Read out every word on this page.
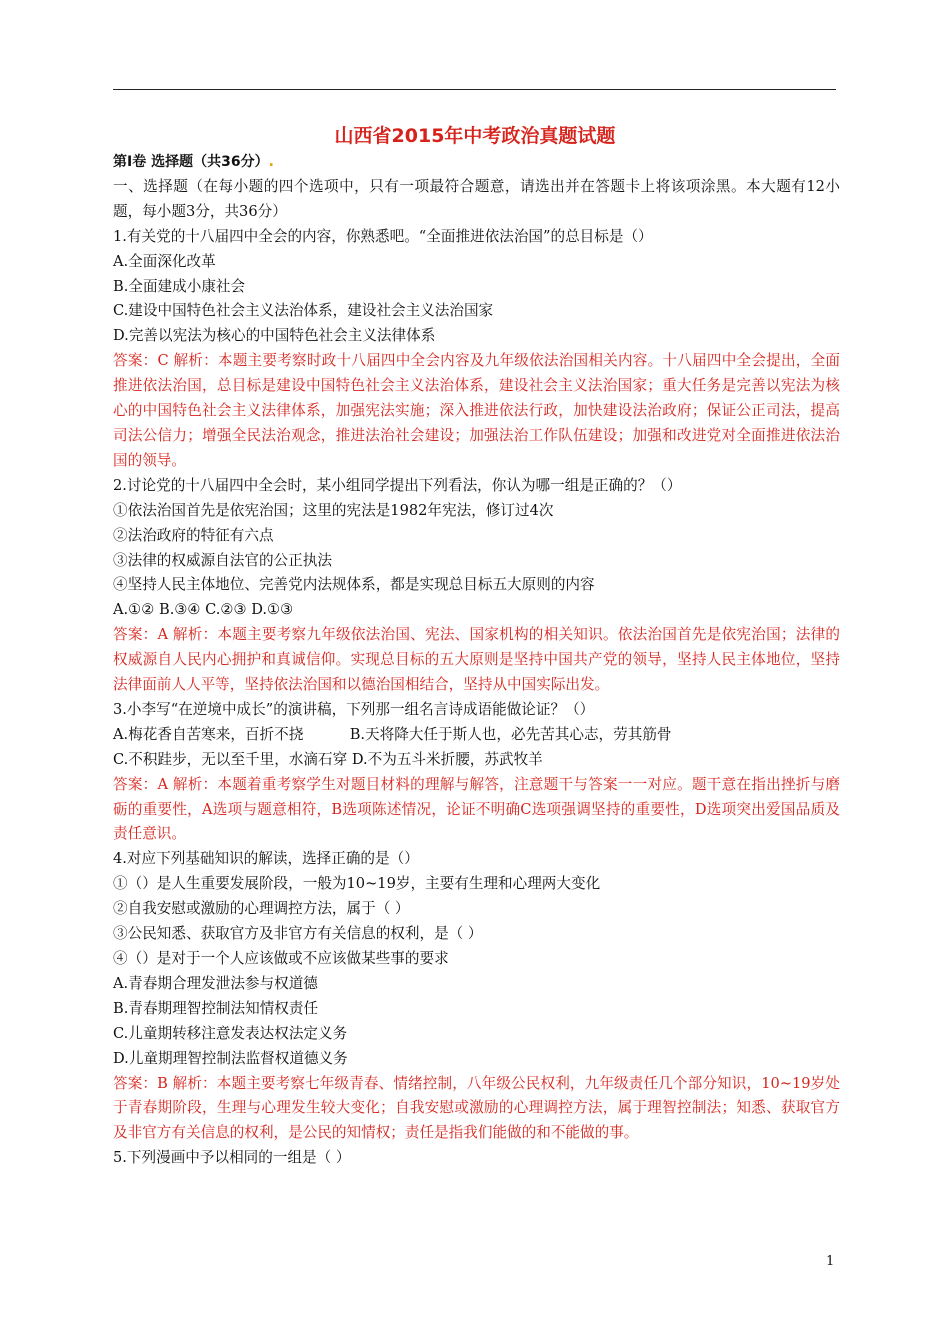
山西省2015年中考政治真题试题
第Ⅰ卷 选择题（共36分）.
一、选择题（在每小题的四个选项中，只有一项最符合题意，请选出并在答题卡上将该项涂黑。本大题有12小题，每小题3分，共36分）
1.有关党的十八届四中全会的内容，你熟悉吧。“全面推进依法治国”的总目标是（）
A.全面深化改革
B.全面建成小康社会
C.建设中国特色社会主义法治体系，建设社会主义法治国家
D.完善以宪法为核心的中国特色社会主义法律体系
答案：C 解析：本题主要考察时政十八届四中全会内容及九年级依法治国相关内容。十八届四中全会提出，全面推进依法治国，总目标是建设中国特色社会主义法治体系，建设社会主义法治国家；重大任务是完善以宪法为核心的中国特色社会主义法律体系，加强宪法实施；深入推进依法行政，加快建设法治政府；保证公正司法，提高司法公信力；增强全民法治观念，推进法治社会建设；加强法治工作队伍建设；加强和改进党对全面推进依法治国的领导。
2.讨论党的十八届四中全会时，某小组同学提出下列看法，你认为哪一组是正确的？（）
①依法治国首先是依宪治国；这里的宪法是1982年宪法，修订过4次
②法治政府的特征有六点
③法律的权威源自法官的公正执法
④坚持人民主体地位、完善党内法规体系，都是实现总目标五大原则的内容
A.①② B.③④ C.②③ D.①③
答案：A 解析：本题主要考察九年级依法治国、宪法、国家机构的相关知识。依法治国首先是依宪治国；法律的权威源自人民内心拥护和真诚信仰。实现总目标的五大原则是坚持中国共产党的领导，坚持人民主体地位，坚持法律面前人人平等，坚持依法治国和以德治国相结合，坚持从中国实际出发。
3.小李写“在逆境中成长”的演讲稿，下列那一组名言诗成语能做论证？（）
A.梅花香自苦寒来，百折不挠          B.天将降大任于斯人也，必先苦其心志，劳其筋骨
C.不积跬步，无以至千里，水滴石穿 D.不为五斗米折腰，苏武牧羊
答案：A 解析：本题着重考察学生对题目材料的理解与解答，注意题干与答案一一对应。题干意在指出挫折与磨砺的重要性，A选项与题意相符，B选项陈述情况，论证不明确C选项强调坚持的重要性，D选项突出爱国品质及责任意识。
4.对应下列基础知识的解读，选择正确的是（）
①（）是人生重要发展阶段，一般为10~19岁，主要有生理和心理两大变化
②自我安慰或激励的心理调控方法，属于（ ）
③公民知悉、获取官方及非官方有关信息的权利，是（ ）
④（）是对于一个人应该做或不应该做某些事的要求
A.青春期合理发泄法参与权道德
B.青春期理智控制法知情权责任
C.儿童期转移注意发表达权法定义务
D.儿童期理智控制法监督权道德义务
答案：B 解析：本题主要考察七年级青春、情绪控制，八年级公民权利，九年级责任几个部分知识，10~19岁处于青春期阶段，生理与心理发生较大变化；自我安慰或激励的心理调控方法，属于理智控制法；知悉、获取官方及非官方有关信息的权利，是公民的知情权；责任是指我们能做的和不能做的事。
5.下列漫画中予以相同的一组是（ ）
1
